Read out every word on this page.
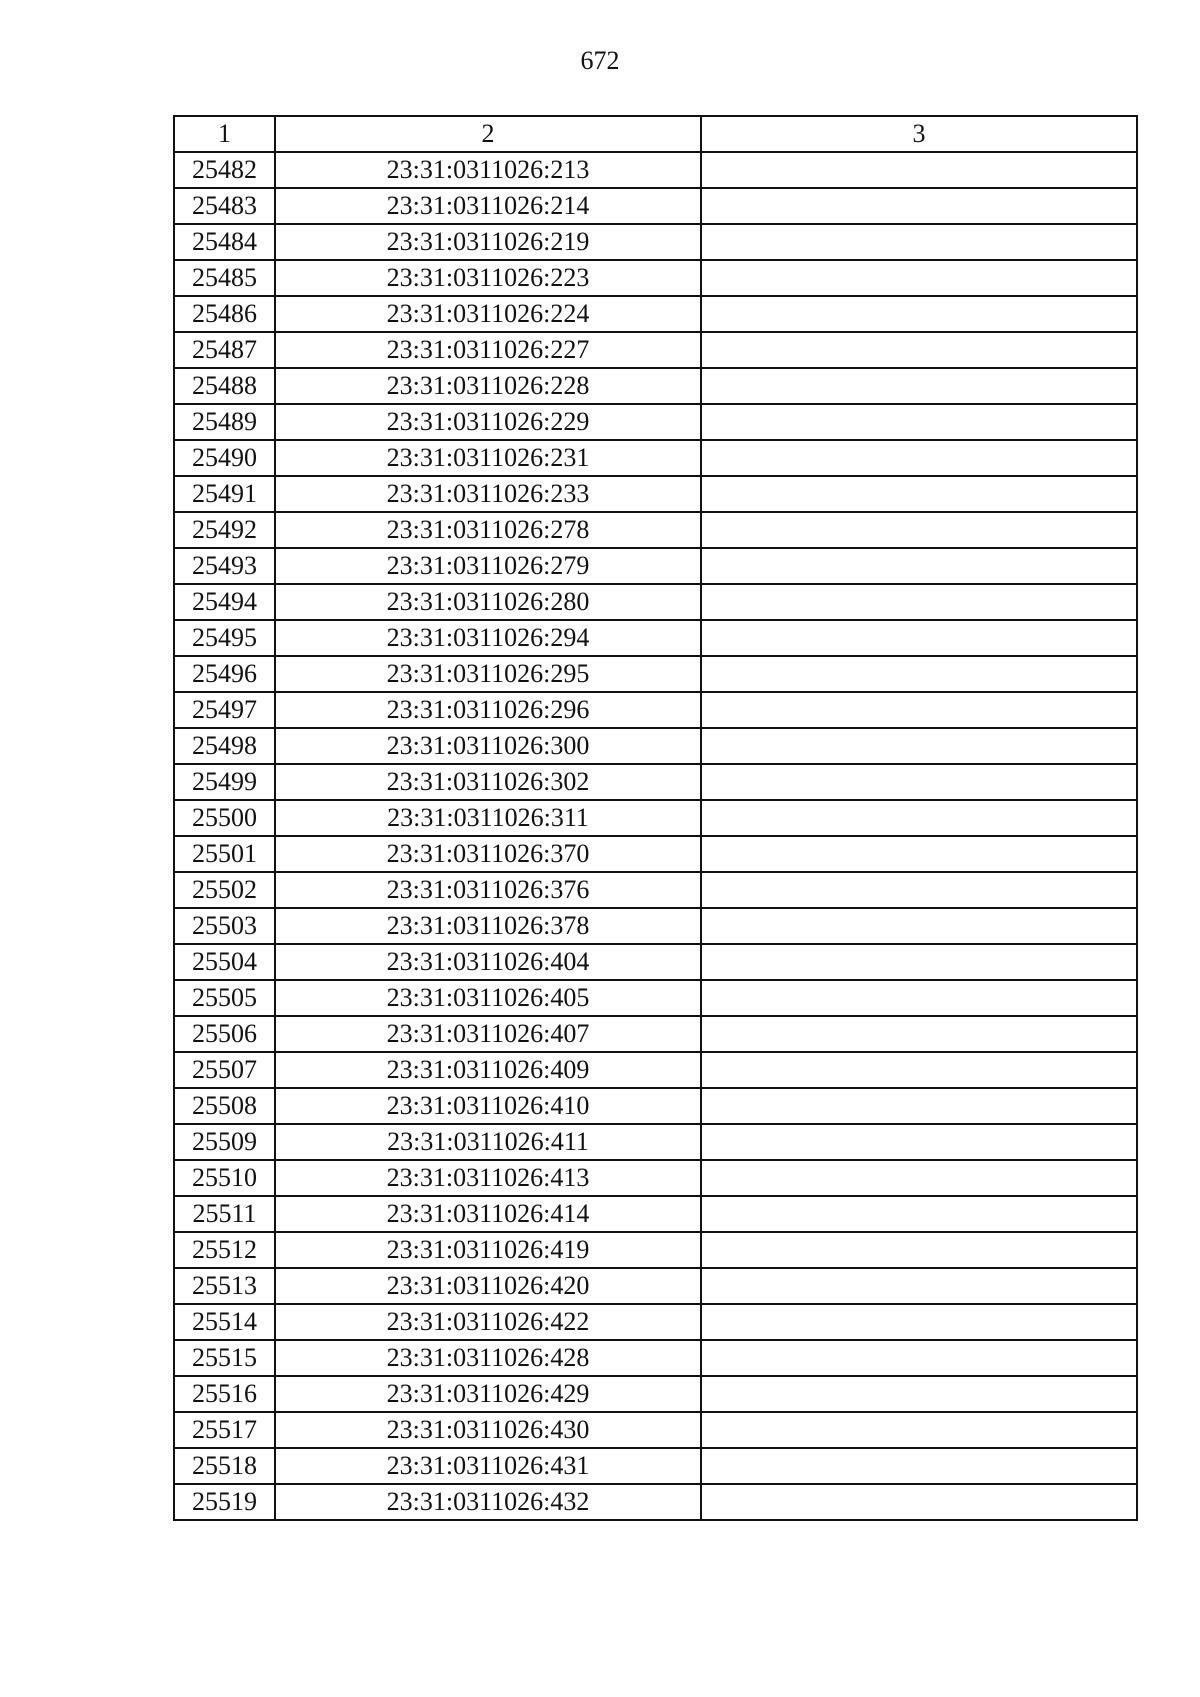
672
1	2	3
25482	23:31:0311026:213	
25483	23:31:0311026:214	
25484	23:31:0311026:219	
25485	23:31:0311026:223	
25486	23:31:0311026:224	
25487	23:31:0311026:227	
25488	23:31:0311026:228	
25489	23:31:0311026:229	
25490	23:31:0311026:231	
25491	23:31:0311026:233	
25492	23:31:0311026:278	
25493	23:31:0311026:279	
25494	23:31:0311026:280	
25495	23:31:0311026:294	
25496	23:31:0311026:295	
25497	23:31:0311026:296	
25498	23:31:0311026:300	
25499	23:31:0311026:302	
25500	23:31:0311026:311	
25501	23:31:0311026:370	
25502	23:31:0311026:376	
25503	23:31:0311026:378	
25504	23:31:0311026:404	
25505	23:31:0311026:405	
25506	23:31:0311026:407	
25507	23:31:0311026:409	
25508	23:31:0311026:410	
25509	23:31:0311026:411	
25510	23:31:0311026:413	
25511	23:31:0311026:414	
25512	23:31:0311026:419	
25513	23:31:0311026:420	
25514	23:31:0311026:422	
25515	23:31:0311026:428	
25516	23:31:0311026:429	
25517	23:31:0311026:430	
25518	23:31:0311026:431	
25519	23:31:0311026:432	
